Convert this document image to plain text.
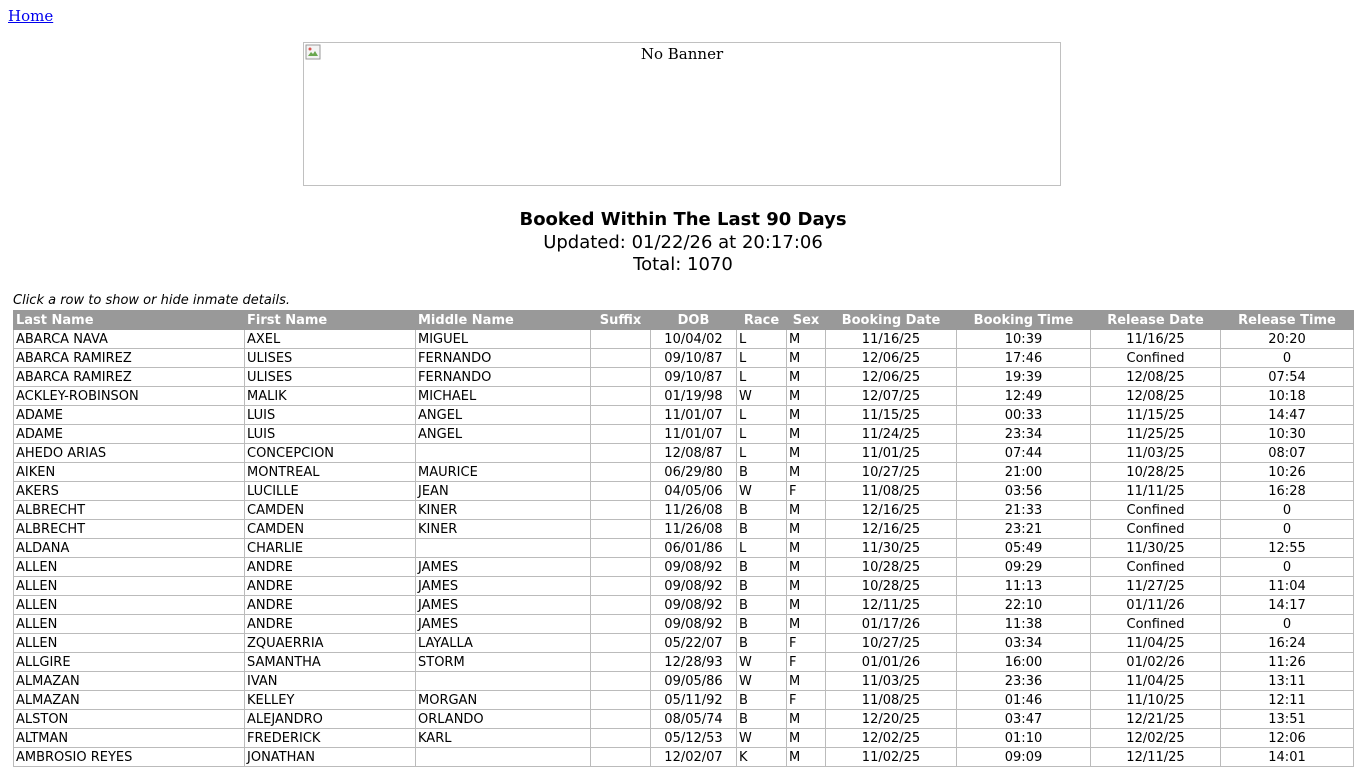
Home
No Banner
Booked Within The Last 90 Days
Updated: 01/22/26 at 20:17:06
Total: 1070
Click a row to show or hide inmate details.
Last Name	First Name	Middle Name	Suffix	DOB	Race	Sex	Booking Date	Booking Time	Release Date	Release Time
ABARCA NAVA	AXEL	MIGUEL		10/04/02	L	M	11/16/25	10:39	11/16/25	20:20
ABARCA RAMIREZ	ULISES	FERNANDO		09/10/87	L	M	12/06/25	17:46	Confined	0
ABARCA RAMIREZ	ULISES	FERNANDO		09/10/87	L	M	12/06/25	19:39	12/08/25	07:54
ACKLEY-ROBINSON	MALIK	MICHAEL		01/19/98	W	M	12/07/25	12:49	12/08/25	10:18
ADAME	LUIS	ANGEL		11/01/07	L	M	11/15/25	00:33	11/15/25	14:47
ADAME	LUIS	ANGEL		11/01/07	L	M	11/24/25	23:34	11/25/25	10:30
AHEDO ARIAS	CONCEPCION			12/08/87	L	M	11/01/25	07:44	11/03/25	08:07
AIKEN	MONTREAL	MAURICE		06/29/80	B	M	10/27/25	21:00	10/28/25	10:26
AKERS	LUCILLE	JEAN		04/05/06	W	F	11/08/25	03:56	11/11/25	16:28
ALBRECHT	CAMDEN	KINER		11/26/08	B	M	12/16/25	21:33	Confined	0
ALBRECHT	CAMDEN	KINER		11/26/08	B	M	12/16/25	23:21	Confined	0
ALDANA	CHARLIE			06/01/86	L	M	11/30/25	05:49	11/30/25	12:55
ALLEN	ANDRE	JAMES		09/08/92	B	M	10/28/25	09:29	Confined	0
ALLEN	ANDRE	JAMES		09/08/92	B	M	10/28/25	11:13	11/27/25	11:04
ALLEN	ANDRE	JAMES		09/08/92	B	M	12/11/25	22:10	01/11/26	14:17
ALLEN	ANDRE	JAMES		09/08/92	B	M	01/17/26	11:38	Confined	0
ALLEN	ZQUAERRIA	LAYALLA		05/22/07	B	F	10/27/25	03:34	11/04/25	16:24
ALLGIRE	SAMANTHA	STORM		12/28/93	W	F	01/01/26	16:00	01/02/26	11:26
ALMAZAN	IVAN			09/05/86	W	M	11/03/25	23:36	11/04/25	13:11
ALMAZAN	KELLEY	MORGAN		05/11/92	B	F	11/08/25	01:46	11/10/25	12:11
ALSTON	ALEJANDRO	ORLANDO		08/05/74	B	M	12/20/25	03:47	12/21/25	13:51
ALTMAN	FREDERICK	KARL		05/12/53	W	M	12/02/25	01:10	12/02/25	12:06
AMBROSIO REYES	JONATHAN			12/02/07	K	M	11/02/25	09:09	12/11/25	14:01
